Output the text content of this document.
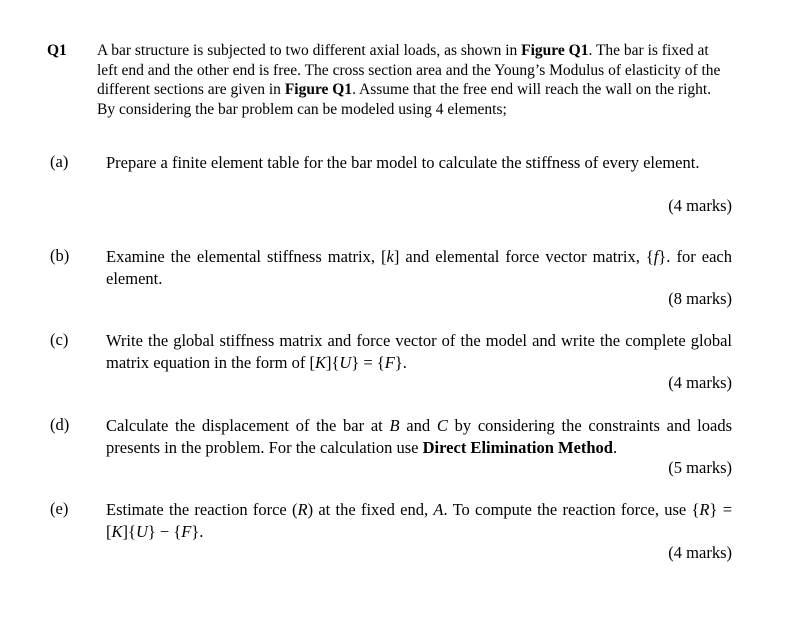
Q1 A bar structure is subjected to two different axial loads, as shown in Figure Q1. The bar is fixed at left end and the other end is free. The cross section area and the Young’s Modulus of elasticity of the different sections are given in Figure Q1. Assume that the free end will reach the wall on the right. By considering the bar problem can be modeled using 4 elements;
(a) Prepare a finite element table for the bar model to calculate the stiffness of every element.
(4 marks)
(b) Examine the elemental stiffness matrix, [k] and elemental force vector matrix, {f}. for each element.
(8 marks)
(c) Write the global stiffness matrix and force vector of the model and write the complete global matrix equation in the form of [K]{U} = {F}.
(4 marks)
(d) Calculate the displacement of the bar at B and C by considering the constraints and loads presents in the problem. For the calculation use Direct Elimination Method.
(5 marks)
(e) Estimate the reaction force (R) at the fixed end, A. To compute the reaction force, use {R} = [K]{U} − {F}.
(4 marks)
